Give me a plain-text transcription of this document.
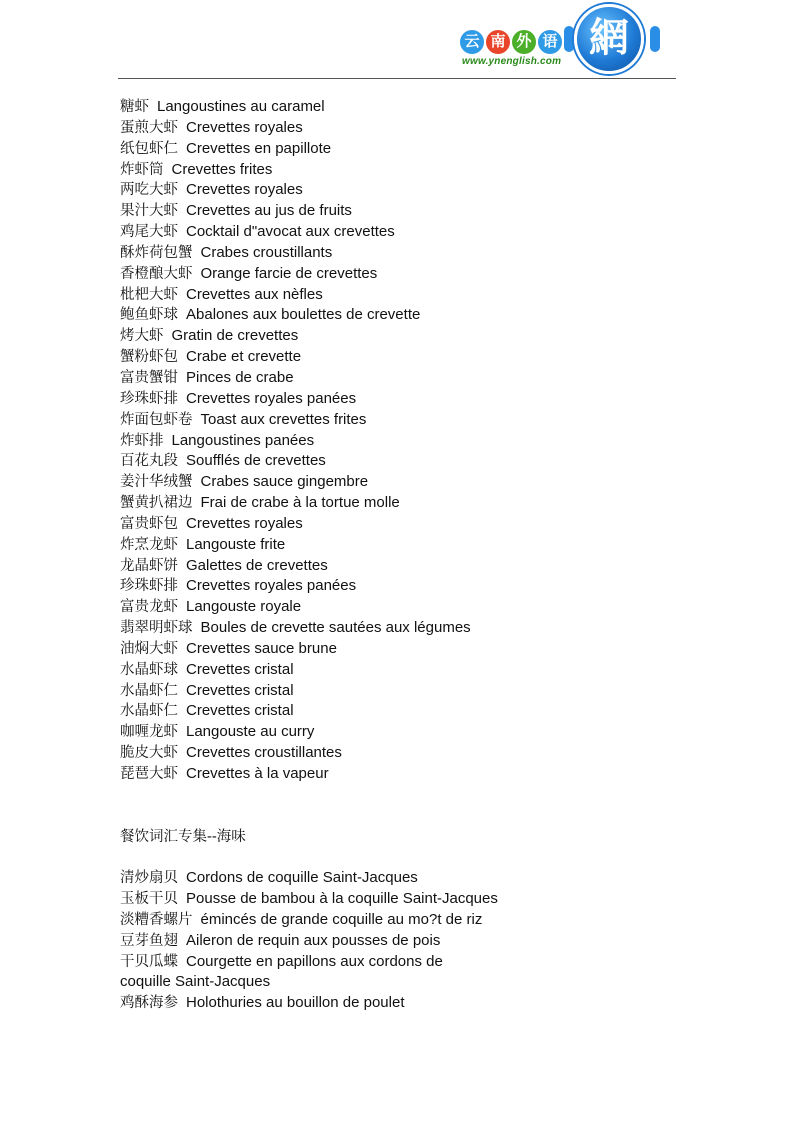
云 南 外 语
www.ynenglish.com
網
糖虾 Langoustines au caramel
蛋煎大虾 Crevettes royales
纸包虾仁 Crevettes en papillote
炸虾筒 Crevettes frites
两吃大虾 Crevettes royales
果汁大虾 Crevettes au jus de fruits
鸡尾大虾 Cocktail d"avocat aux crevettes
酥炸荷包蟹 Crabes croustillants
香橙酿大虾 Orange farcie de crevettes
枇杷大虾 Crevettes aux nèfles
鲍鱼虾球 Abalones aux boulettes de crevette
烤大虾 Gratin de crevettes
蟹粉虾包 Crabe et crevette
富贵蟹钳 Pinces de crabe
珍珠虾排 Crevettes royales panées
炸面包虾卷 Toast aux crevettes frites
炸虾排 Langoustines panées
百花丸段 Soufflés de crevettes
姜汁华绒蟹 Crabes sauce gingembre
蟹黄扒裙边 Frai de crabe à la tortue molle
富贵虾包 Crevettes royales
炸烹龙虾 Langouste frite
龙晶虾饼 Galettes de crevettes
珍珠虾排 Crevettes royales panées
富贵龙虾 Langouste royale
翡翠明虾球 Boules de crevette sautées aux légumes
油焖大虾 Crevettes sauce brune
水晶虾球 Crevettes cristal
水晶虾仁 Crevettes cristal
水晶虾仁 Crevettes cristal
咖喱龙虾 Langouste au curry
脆皮大虾 Crevettes croustillantes
琵琶大虾 Crevettes à la vapeur
餐饮词汇专集--海味
清炒扇贝 Cordons de coquille Saint-Jacques
玉板干贝 Pousse de bambou à la coquille Saint-Jacques
淡糟香螺片 émincés de grande coquille au mo?t de riz
豆芽鱼翅 Aileron de requin aux pousses de pois
干贝瓜蝶 Courgette en papillons aux cordons de coquille Saint-Jacques
鸡酥海参 Holothuries au bouillon de poulet
